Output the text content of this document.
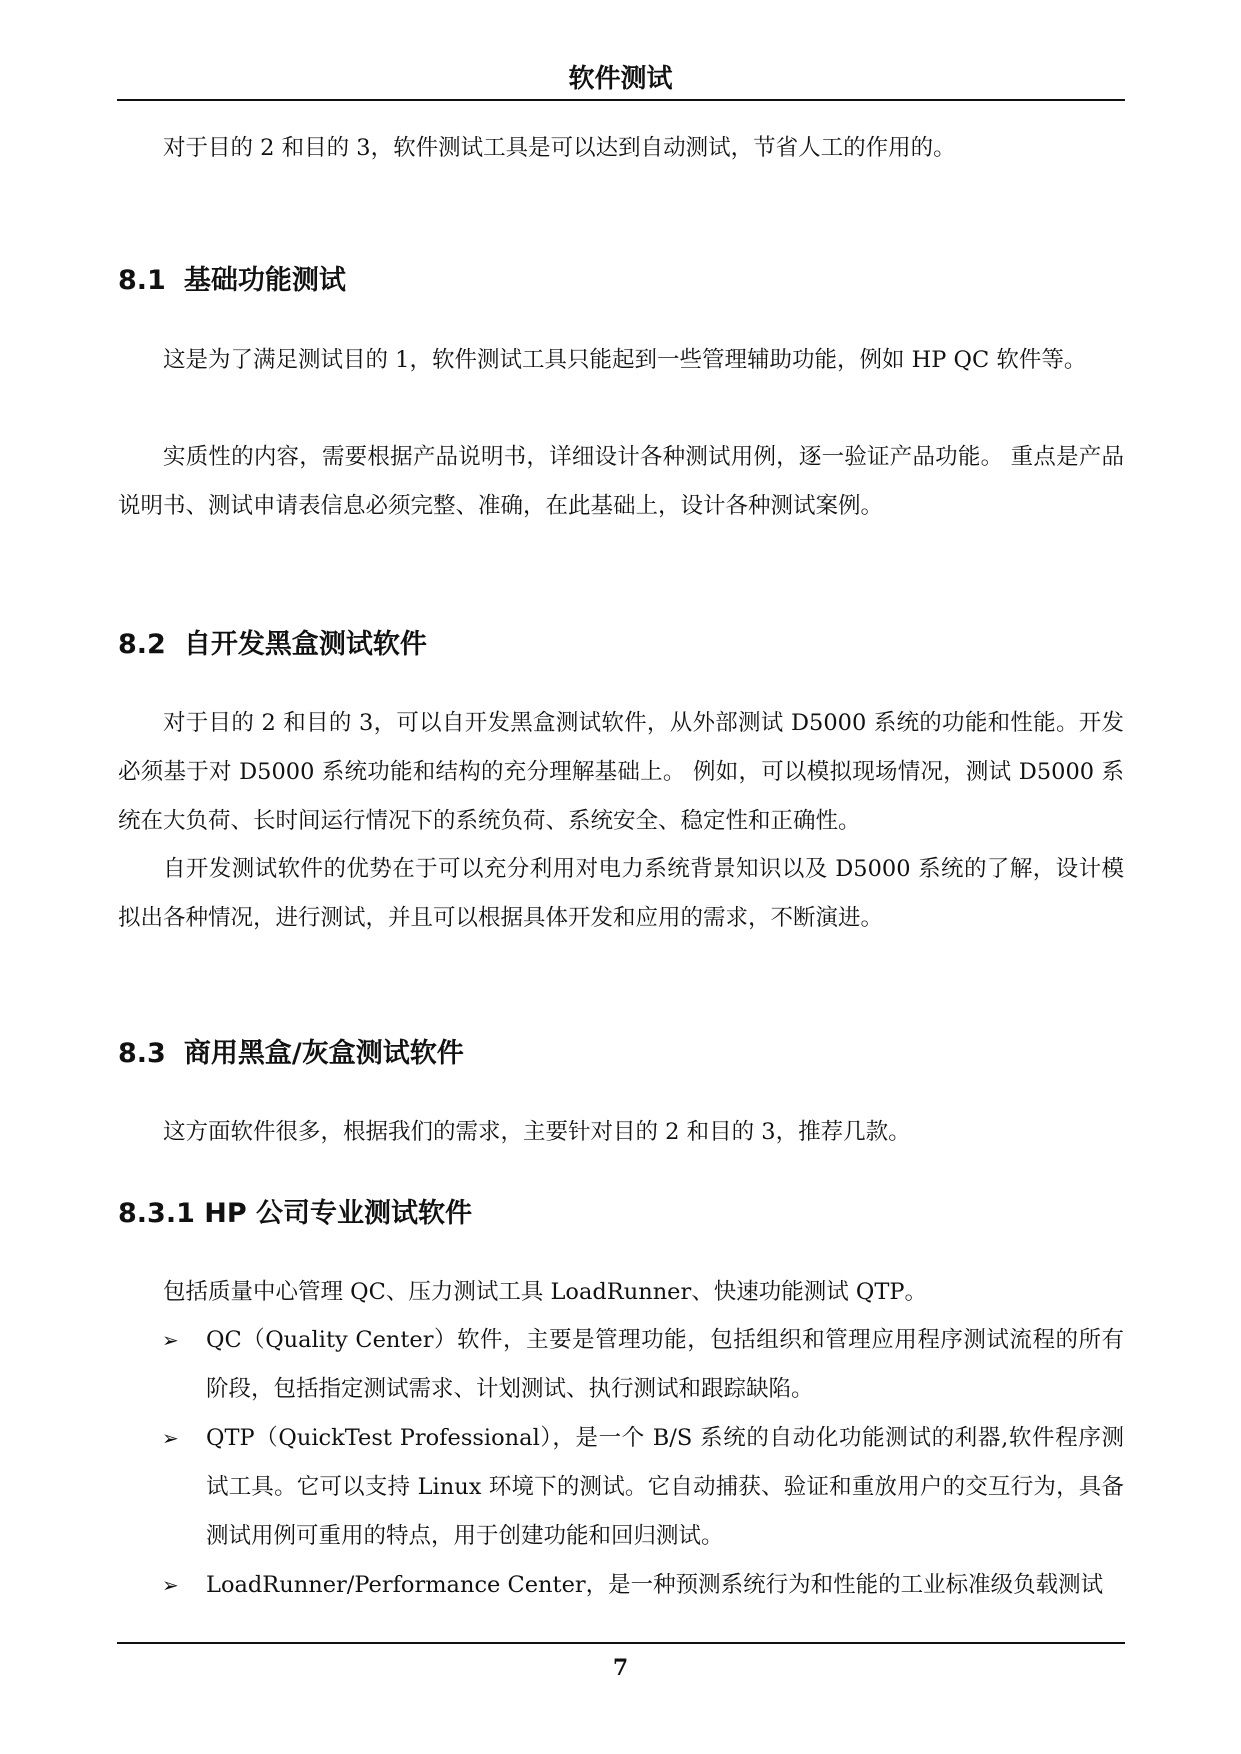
软件测试

对于目的 2 和目的 3，软件测试工具是可以达到自动测试，节省人工的作用的。

8.1 基础功能测试

这是为了满足测试目的 1，软件测试工具只能起到一些管理辅助功能，例如 HP QC 软件等。

实质性的内容，需要根据产品说明书，详细设计各种测试用例，逐一验证产品功能。 重点是产品说明书、测试申请表信息必须完整、准确，在此基础上，设计各种测试案例。

8.2 自开发黑盒测试软件

对于目的 2 和目的 3，可以自开发黑盒测试软件，从外部测试 D5000 系统的功能和性能。开发必须基于对 D5000 系统功能和结构的充分理解基础上。 例如，可以模拟现场情况，测试 D5000 系统在大负荷、长时间运行情况下的系统负荷、系统安全、稳定性和正确性。

自开发测试软件的优势在于可以充分利用对电力系统背景知识以及 D5000 系统的了解，设计模拟出各种情况，进行测试，并且可以根据具体开发和应用的需求，不断演进。

8.3 商用黑盒/灰盒测试软件

这方面软件很多，根据我们的需求，主要针对目的 2 和目的 3，推荐几款。

8.3.1 HP 公司专业测试软件

包括质量中心管理 QC、压力测试工具 LoadRunner、快速功能测试 QTP。

➢	QC（Quality Center）软件，主要是管理功能，包括组织和管理应用程序测试流程的所有阶段，包括指定测试需求、计划测试、执行测试和跟踪缺陷。
➢	QTP（QuickTest Professional），是一个 B/S 系统的自动化功能测试的利器,软件程序测试工具。它可以支持 Linux 环境下的测试。它自动捕获、验证和重放用户的交互行为，具备测试用例可重用的特点，用于创建功能和回归测试。
➢	LoadRunner/Performance Center，是一种预测系统行为和性能的工业标准级负载测试
7
